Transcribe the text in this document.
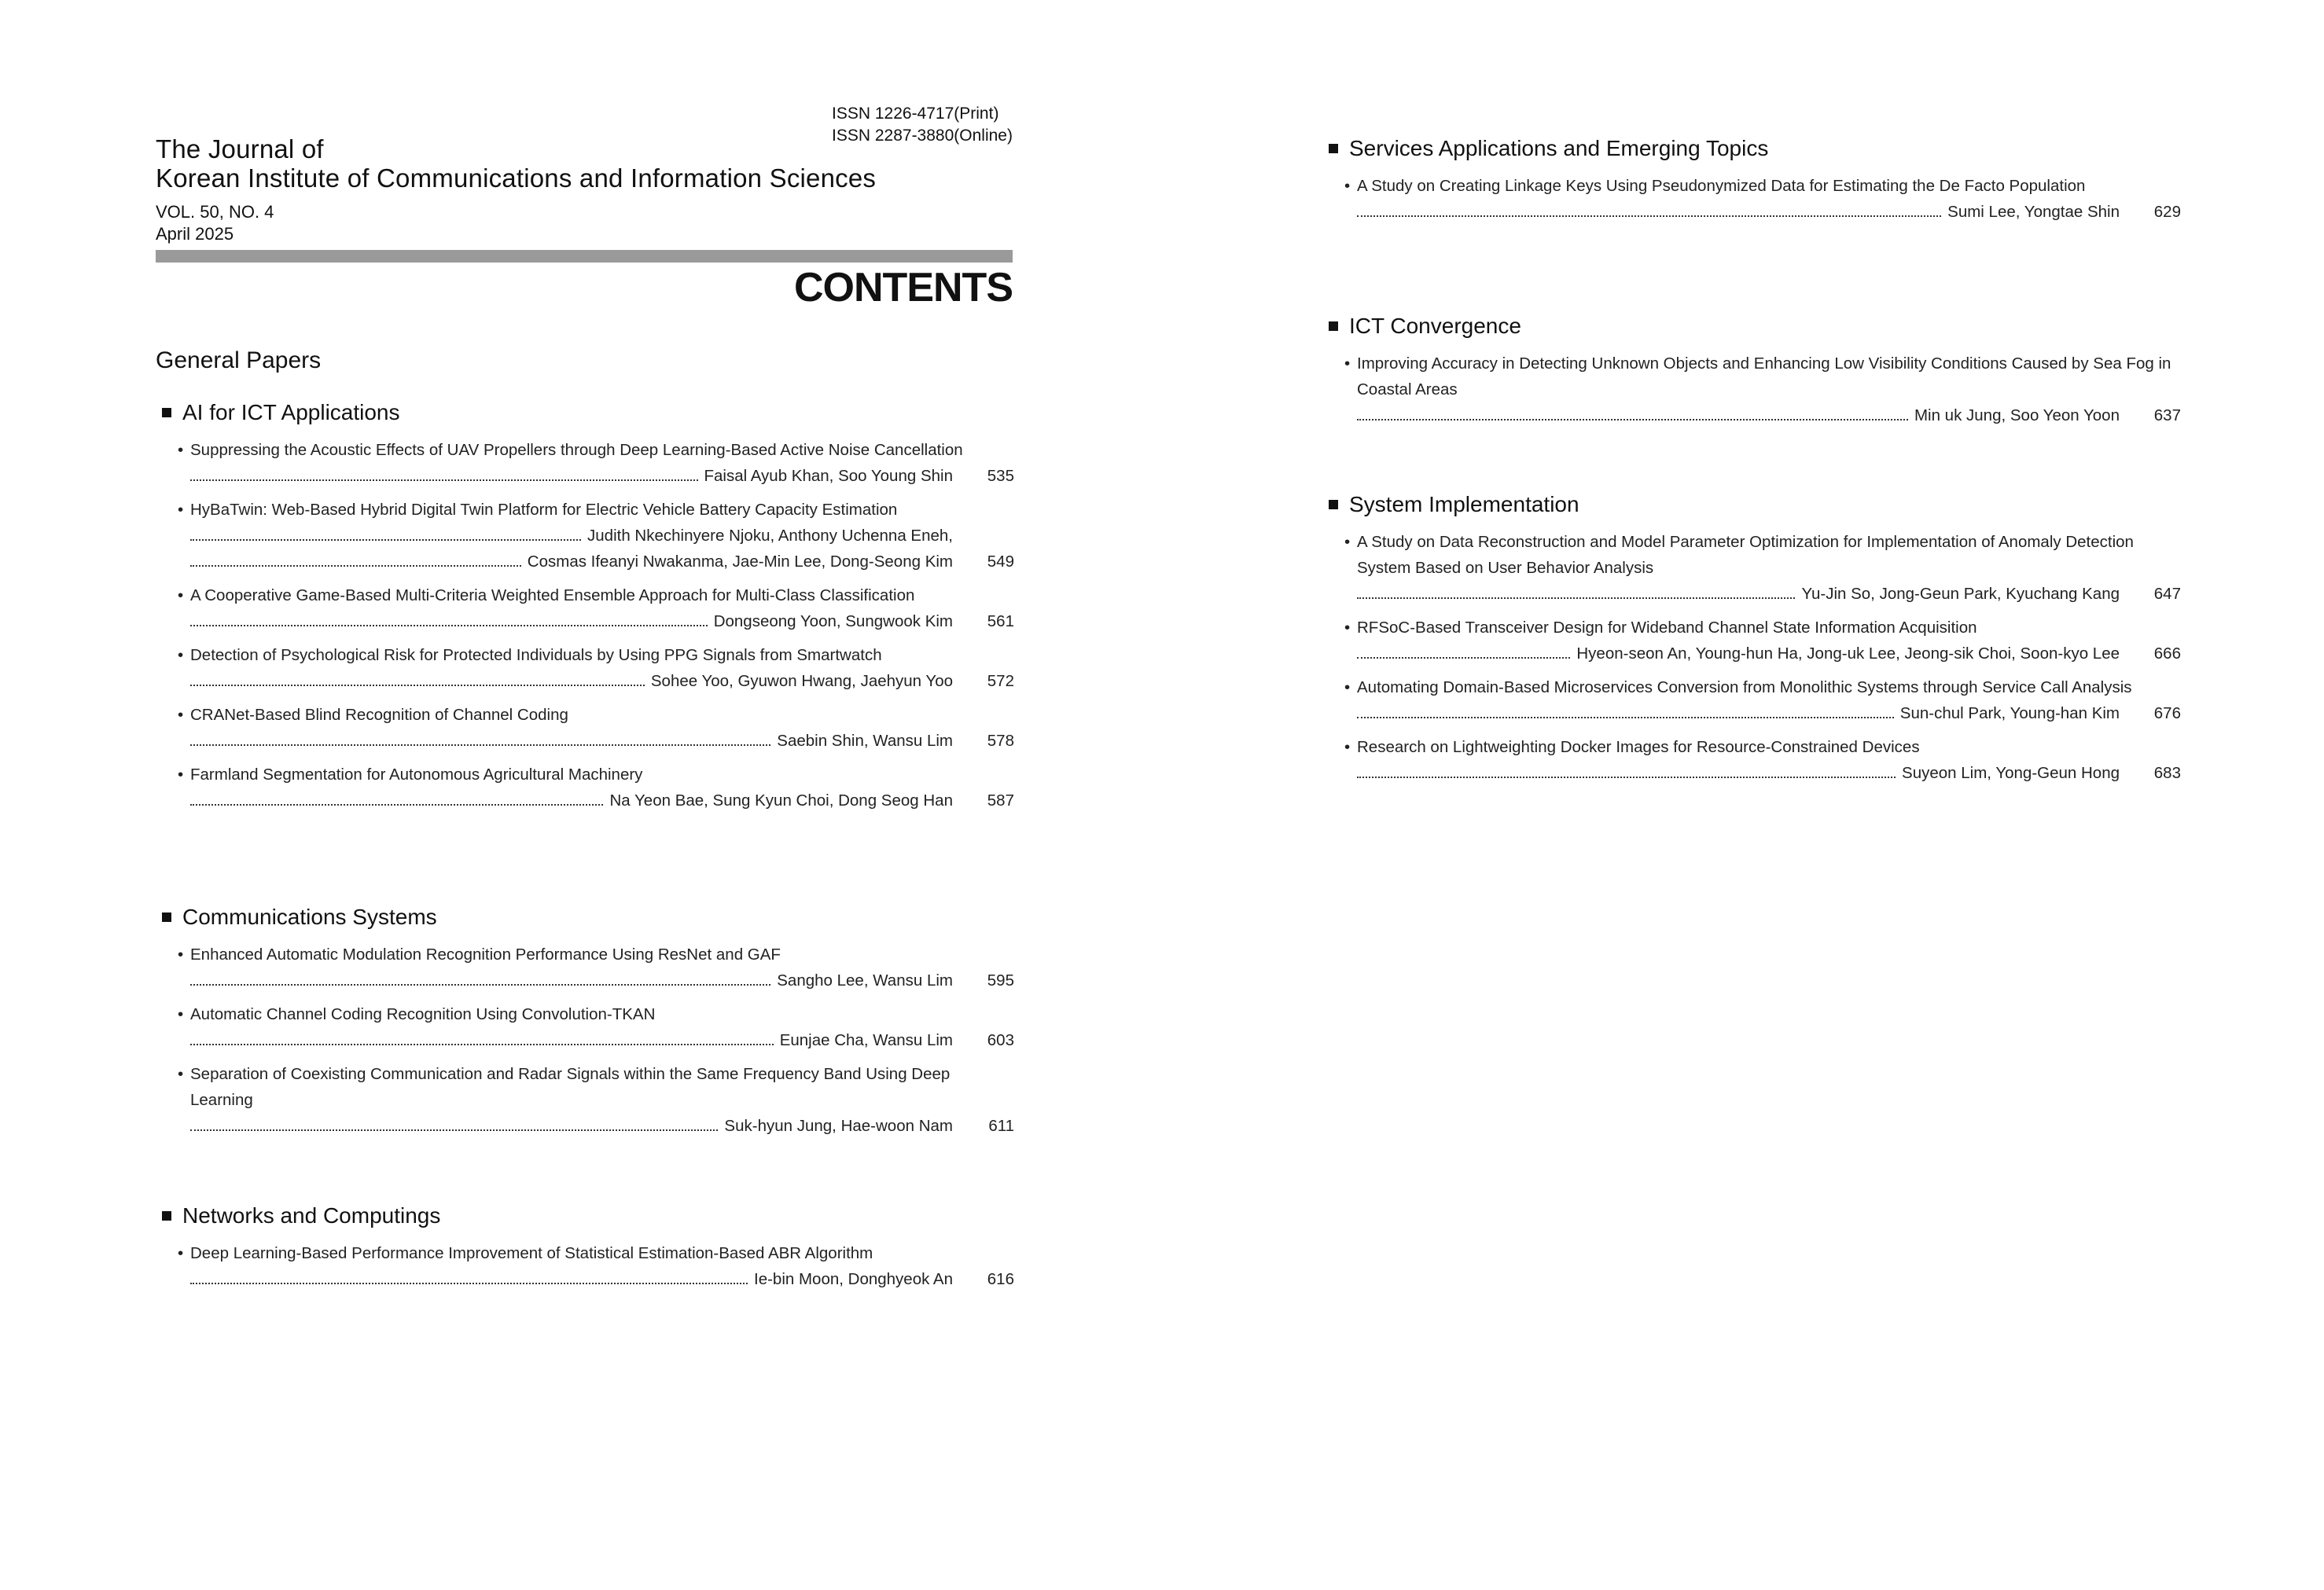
ISSN 1226-4717(Print)
ISSN 2287-3880(Online)
The Journal of
Korean Institute of Communications and Information Sciences
VOL. 50, NO. 4
April 2025
CONTENTS
General Papers
AI for ICT Applications
• Suppressing the Acoustic Effects of UAV Propellers through Deep Learning-Based Active Noise Cancellation
Faisal Ayub Khan, Soo Young Shin	535
• HyBaTwin: Web-Based Hybrid Digital Twin Platform for Electric Vehicle Battery Capacity Estimation
Judith Nkechinyere Njoku, Anthony Uchenna Eneh,
Cosmas Ifeanyi Nwakanma, Jae-Min Lee, Dong-Seong Kim	549
• A Cooperative Game-Based Multi-Criteria Weighted Ensemble Approach for Multi-Class Classification
Dongseong Yoon, Sungwook Kim	561
• Detection of Psychological Risk for Protected Individuals by Using PPG Signals from Smartwatch
Sohee Yoo, Gyuwon Hwang, Jaehyun Yoo	572
• CRANet-Based Blind Recognition of Channel Coding
Saebin Shin, Wansu Lim	578
• Farmland Segmentation for Autonomous Agricultural Machinery
Na Yeon Bae, Sung Kyun Choi, Dong Seog Han	587
Communications Systems
• Enhanced Automatic Modulation Recognition Performance Using ResNet and GAF
Sangho Lee, Wansu Lim	595
• Automatic Channel Coding Recognition Using Convolution-TKAN
Eunjae Cha, Wansu Lim	603
• Separation of Coexisting Communication and Radar Signals within the Same Frequency Band Using Deep Learning
Suk-hyun Jung, Hae-woon Nam	611
Networks and Computings
• Deep Learning-Based Performance Improvement of Statistical Estimation-Based ABR Algorithm
Ie-bin Moon, Donghyeok An	616
Services Applications and Emerging Topics
• A Study on Creating Linkage Keys Using Pseudonymized Data for Estimating the De Facto Population
Sumi Lee, Yongtae Shin	629
ICT Convergence
• Improving Accuracy in Detecting Unknown Objects and Enhancing Low Visibility Conditions Caused by Sea Fog in Coastal Areas
Min uk Jung, Soo Yeon Yoon	637
System Implementation
• A Study on Data Reconstruction and Model Parameter Optimization for Implementation of Anomaly Detection System Based on User Behavior Analysis
Yu-Jin So, Jong-Geun Park, Kyuchang Kang	647
• RFSoC-Based Transceiver Design for Wideband Channel State Information Acquisition
Hyeon-seon An, Young-hun Ha, Jong-uk Lee, Jeong-sik Choi, Soon-kyo Lee	666
• Automating Domain-Based Microservices Conversion from Monolithic Systems through Service Call Analysis
Sun-chul Park, Young-han Kim	676
• Research on Lightweighting Docker Images for Resource-Constrained Devices
Suyeon Lim, Yong-Geun Hong	683
